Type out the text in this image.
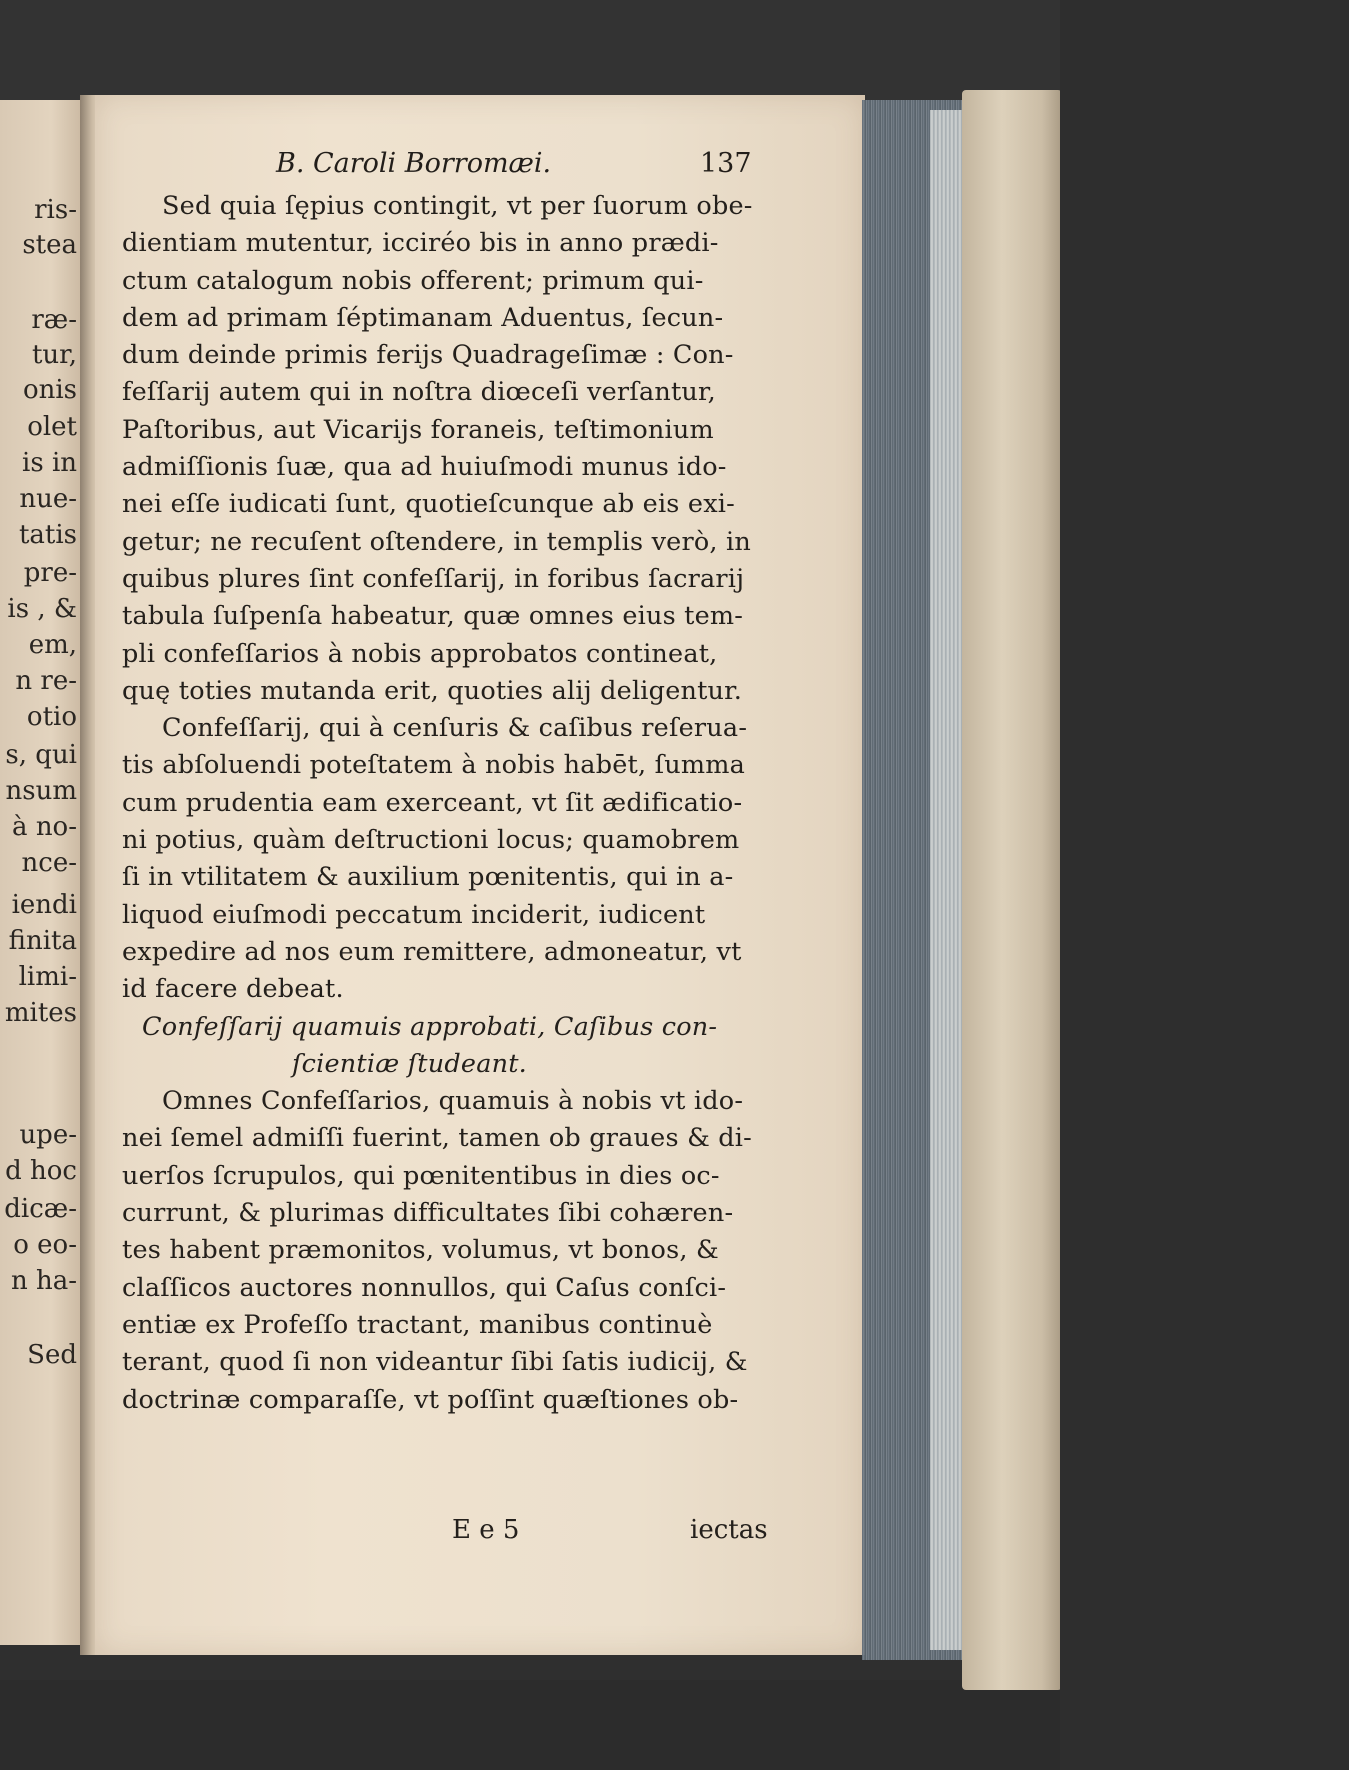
ris-
stea
ræ-
tur,
onis
olet
is in
nue-
tatis
pre-
is , &
em,
n re-
otio
s, qui
nsum
à no-
nce-
iendi
finita
limi-
mites
upe-
d hoc
dicæ-
o eo-
n ha-
Sed
B. Caroli Borromæi.	137
Sed quia ſępius contingit, vt per ſuorum obe-
dientiam mutentur, icciréo bis in anno prædi-
ctum catalogum nobis offerent; primum qui-
dem ad primam ſéptimanam Aduentus, ſecun-
dum deinde primis ferijs Quadrageſimæ : Con-
feſſarij autem qui in noſtra diœceſi verſantur,
Paſtoribus, aut Vicarijs foraneis, teſtimonium
admiſſionis ſuæ, qua ad huiuſmodi munus ido-
nei eſſe iudicati ſunt, quotieſcunque ab eis exi-
getur; ne recuſent oſtendere, in templis verò, in
quibus plures ſint confeſſarij, in foribus ſacrarij
tabula ſuſpenſa habeatur, quæ omnes eius tem-
pli confeſſarios à nobis approbatos contineat,
quę toties mutanda erit, quoties alij deligentur.
Confeſſarij, qui à cenſuris & caſibus reſerua-
tis abſoluendi poteſtatem à nobis habēt, ſumma
cum prudentia eam exerceant, vt ſit ædificatio-
ni potius, quàm deſtructioni locus; quamobrem
ſi in vtilitatem & auxilium pœnitentis, qui in a-
liquod eiuſmodi peccatum inciderit, iudicent
expedire ad nos eum remittere, admoneatur, vt
id facere debeat.
Confeſſarij quamuis approbati, Caſibus con-
ſcientiæ ſtudeant.
Omnes Confeſſarios, quamuis à nobis vt ido-
nei ſemel admiſſi fuerint, tamen ob graues & di-
uerſos ſcrupulos, qui pœnitentibus in dies oc-
currunt, & plurimas difficultates ſibi cohæren-
tes habent præmonitos, volumus, vt bonos, &
claſſicos auctores nonnullos, qui Caſus conſci-
entiæ ex Profeſſo tractant, manibus continuè
terant, quod ſi non videantur ſibi ſatis iudicij, &
doctrinæ comparaſſe, vt poſſint quæſtiones ob-
E e 5	iectas
